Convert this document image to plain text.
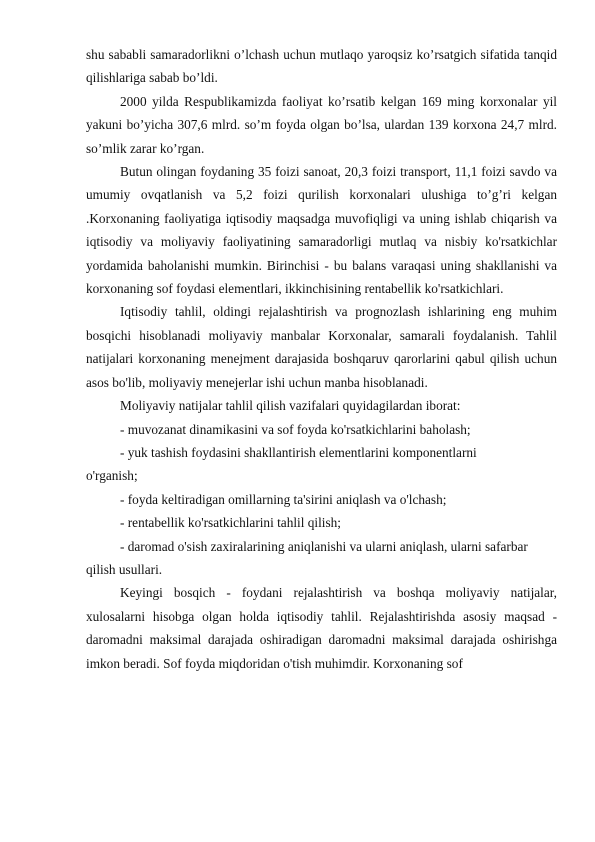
shu sababli samaradorlikni o’lchash uchun mutlaqo yaroqsiz ko’rsatgich sifatida tanqid qilishlariga sabab bo’ldi.

2000 yilda Respublikamizda faoliyat ko’rsatib kelgan 169 ming korxonalar yil yakuni bo’yicha 307,6 mlrd. so’m foyda olgan bo’lsa, ulardan 139 korxona 24,7 mlrd. so’mlik zarar ko’rgan.

Butun olingan foydaning 35 foizi sanoat, 20,3 foizi transport, 11,1 foizi savdo va umumiy ovqatlanish va 5,2 foizi qurilish korxonalari ulushiga to’g’ri kelgan .Korxonaning faoliyatiga iqtisodiy maqsadga muvofiqligi va uning ishlab chiqarish va iqtisodiy va moliyaviy faoliyatining samaradorligi mutlaq va nisbiy ko'rsatkichlar yordamida baholanishi mumkin. Birinchisi - bu balans varaqasi uning shakllanishi va korxonaning sof foydasi elementlari, ikkinchisining rentabellik ko'rsatkichlari.

Iqtisodiy tahlil, oldingi rejalashtirish va prognozlash ishlarining eng muhim bosqichi hisoblanadi moliyaviy manbalar Korxonalar, samarali foydalanish. Tahlil natijalari korxonaning menejment darajasida boshqaruv qarorlarini qabul qilish uchun asos bo'lib, moliyaviy menejerlar ishi uchun manba hisoblanadi.

Moliyaviy natijalar tahlil qilish vazifalari quyidagilardan iborat:

- muvozanat dinamikasini va sof foyda ko'rsatkichlarini baholash;

- yuk tashish foydasini shakllantirish elementlarini komponentlarni

o'rganish;

- foyda keltiradigan omillarning ta'sirini aniqlash va o'lchash;

- rentabellik ko'rsatkichlarini tahlil qilish;

- daromad o'sish zaxiralarining aniqlanishi va ularni aniqlash, ularni safarbar

qilish usullari.

Keyingi bosqich - foydani rejalashtirish va boshqa moliyaviy natijalar, xulosalarni hisobga olgan holda iqtisodiy tahlil. Rejalashtirishda asosiy maqsad - daromadni maksimal darajada oshiradigan daromadni maksimal darajada oshirishga imkon beradi. Sof foyda miqdoridan o'tish muhimdir. Korxonaning sof
